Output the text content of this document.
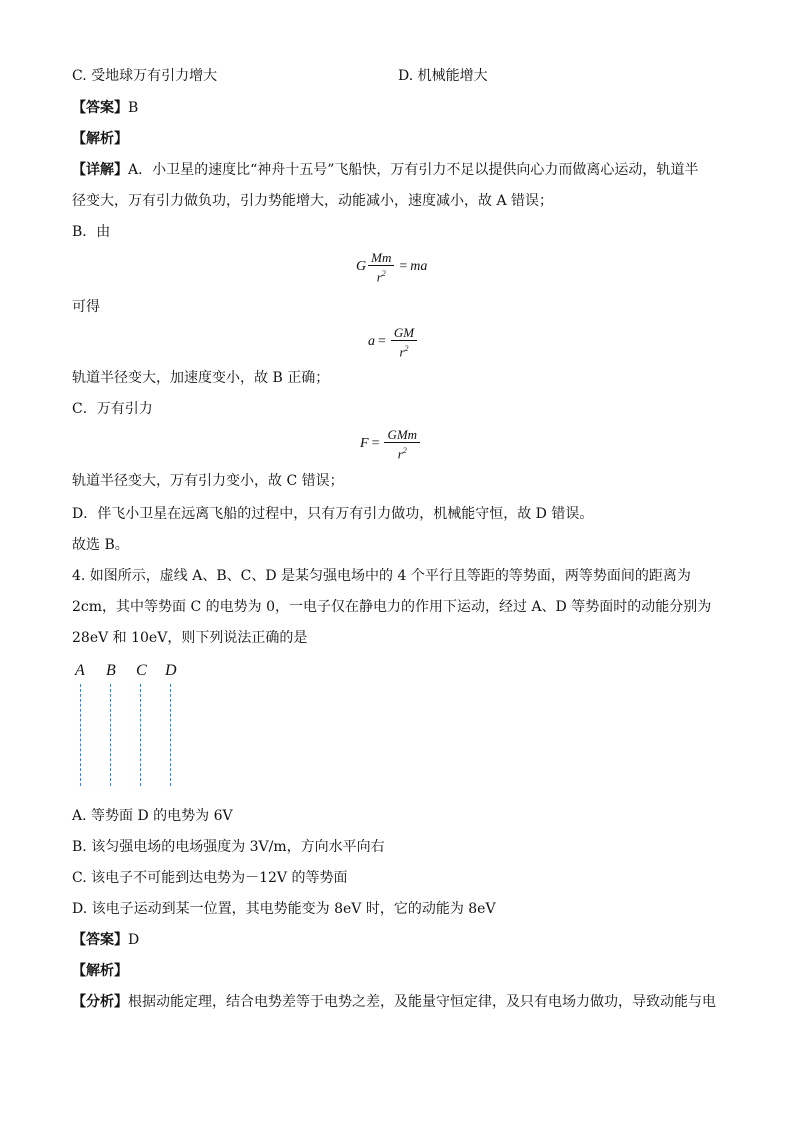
C. 受地球万有引力增大	D. 机械能增大
【答案】B
【解析】
【详解】A．小卫星的速度比“神舟十五号”飞船快，万有引力不足以提供向心力而做离心运动，轨道半
径变大，万有引力做负功，引力势能增大，动能减小，速度减小，故 A 错误；
B．由
G $\frac{Mm}{r^2}$ = ma
可得
$a = \frac{GM}{r^2}$
轨道半径变大，加速度变小，故 B 正确；
C．万有引力
$F = \frac{\text{GMm}}{r^2}$
轨道半径变大，万有引力变小，故 C 错误；
D．伴飞小卫星在远离飞船的过程中，只有万有引力做功，机械能守恒，故 D 错误。
故选 B。
4. 如图所示，虚线 A、B、C、D 是某匀强电场中的 4 个平行且等距的等势面，两等势面间的距离为
2cm，其中等势面 C 的电势为 0，一电子仅在静电力的作用下运动，经过 A、D 等势面时的动能分别为
28eV 和 10eV，则下列说法正确的是
A B C D
A. 等势面 D 的电势为 6V
B. 该匀强电场的电场强度为 3V/m，方向水平向右
C. 该电子不可能到达电势为－12V 的等势面
D. 该电子运动到某一位置，其电势能变为 8eV 时，它的动能为 8eV
【答案】D
【解析】
【分析】根据动能定理，结合电势差等于电势之差，及能量守恒定律，及只有电场力做功，导致动能与电
